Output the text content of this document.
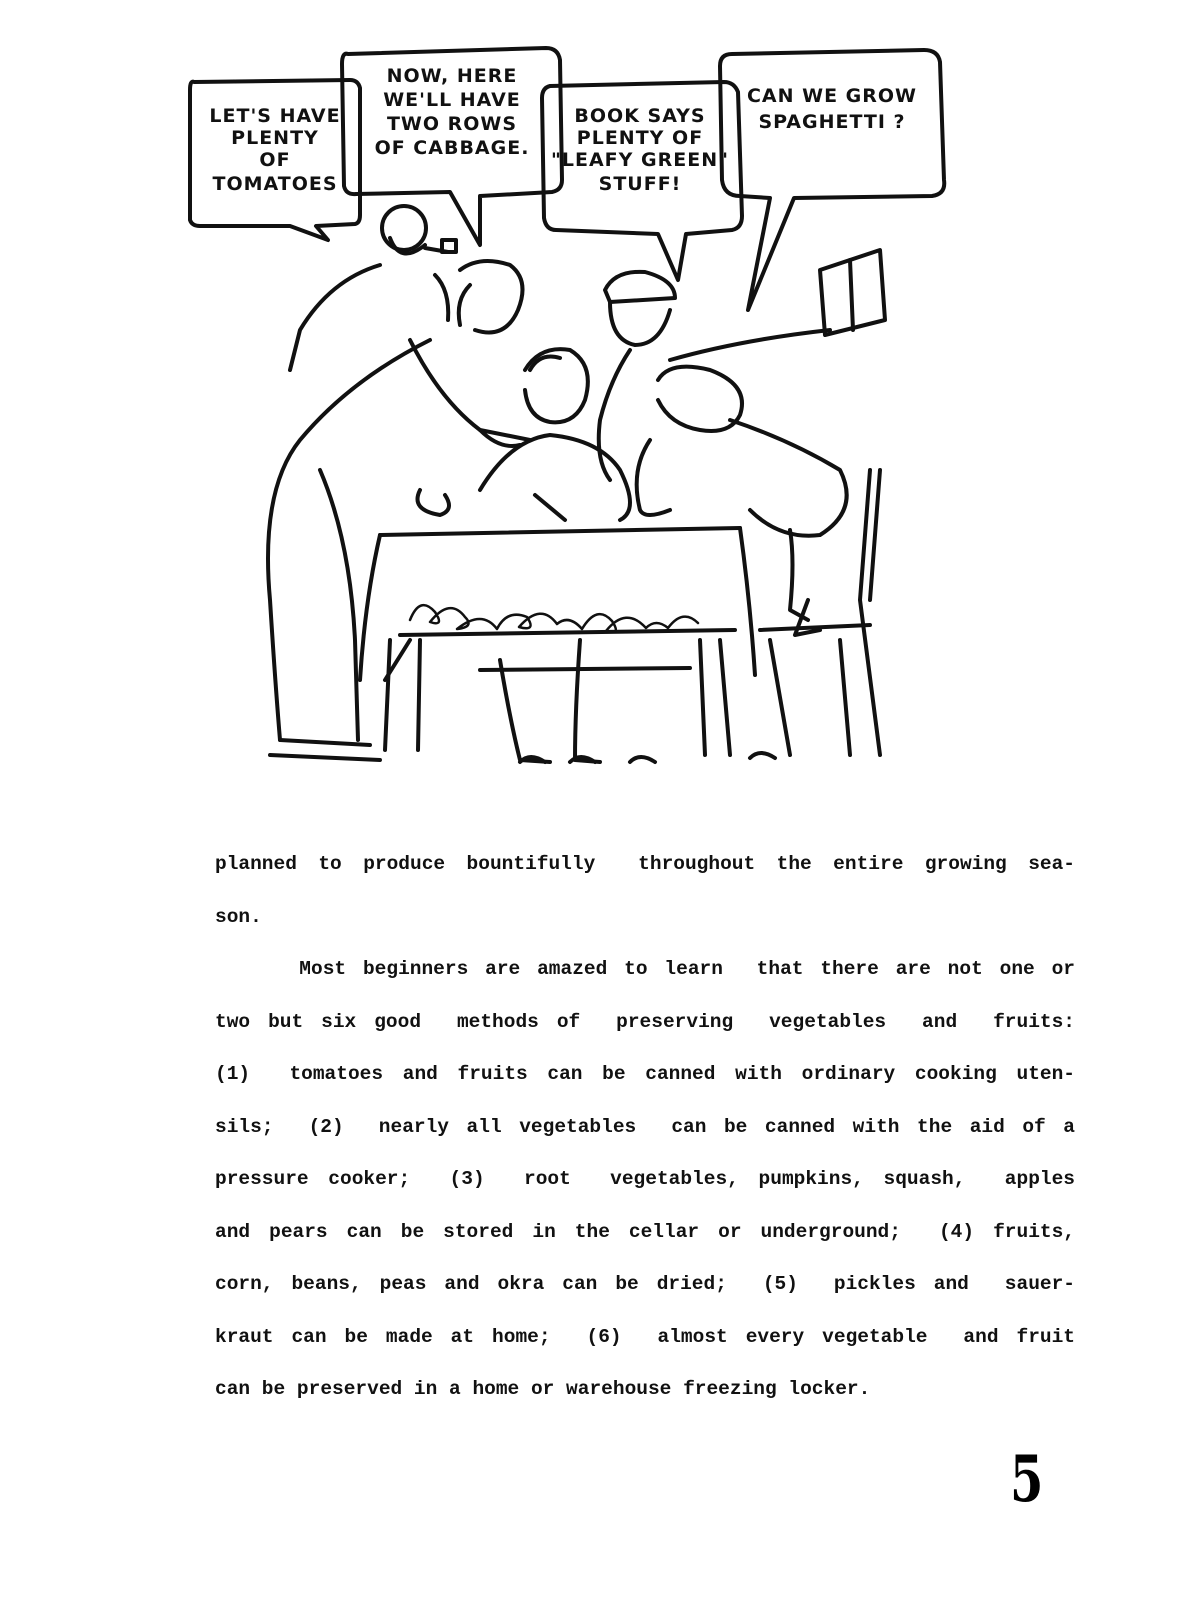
LET'S HAVE
PLENTY
OF
TOMATOES
NOW, HERE
WE'LL HAVE
TWO ROWS
OF CABBAGE.
BOOK SAYS
PLENTY OF
"LEAFY GREEN"
STUFF!
CAN WE GROW
SPAGHETTI ?
planned to produce bountifully  throughout the entire growing sea-
son.
Most beginners are amazed to learn  that there are not one or
two but six good  methods of  preserving  vegetables  and  fruits:
(1)  tomatoes and fruits can be canned with ordinary cooking uten-
sils;  (2)  nearly all vegetables  can be canned with the aid of a
pressure cooker;  (3)  root  vegetables, pumpkins, squash,  apples
and pears can be stored in the cellar or underground;  (4) fruits,
corn, beans, peas and okra can be dried;  (5)  pickles and  sauer-
kraut can be made at home;  (6)  almost every vegetable  and fruit
can be preserved in a home or warehouse freezing locker.
5
